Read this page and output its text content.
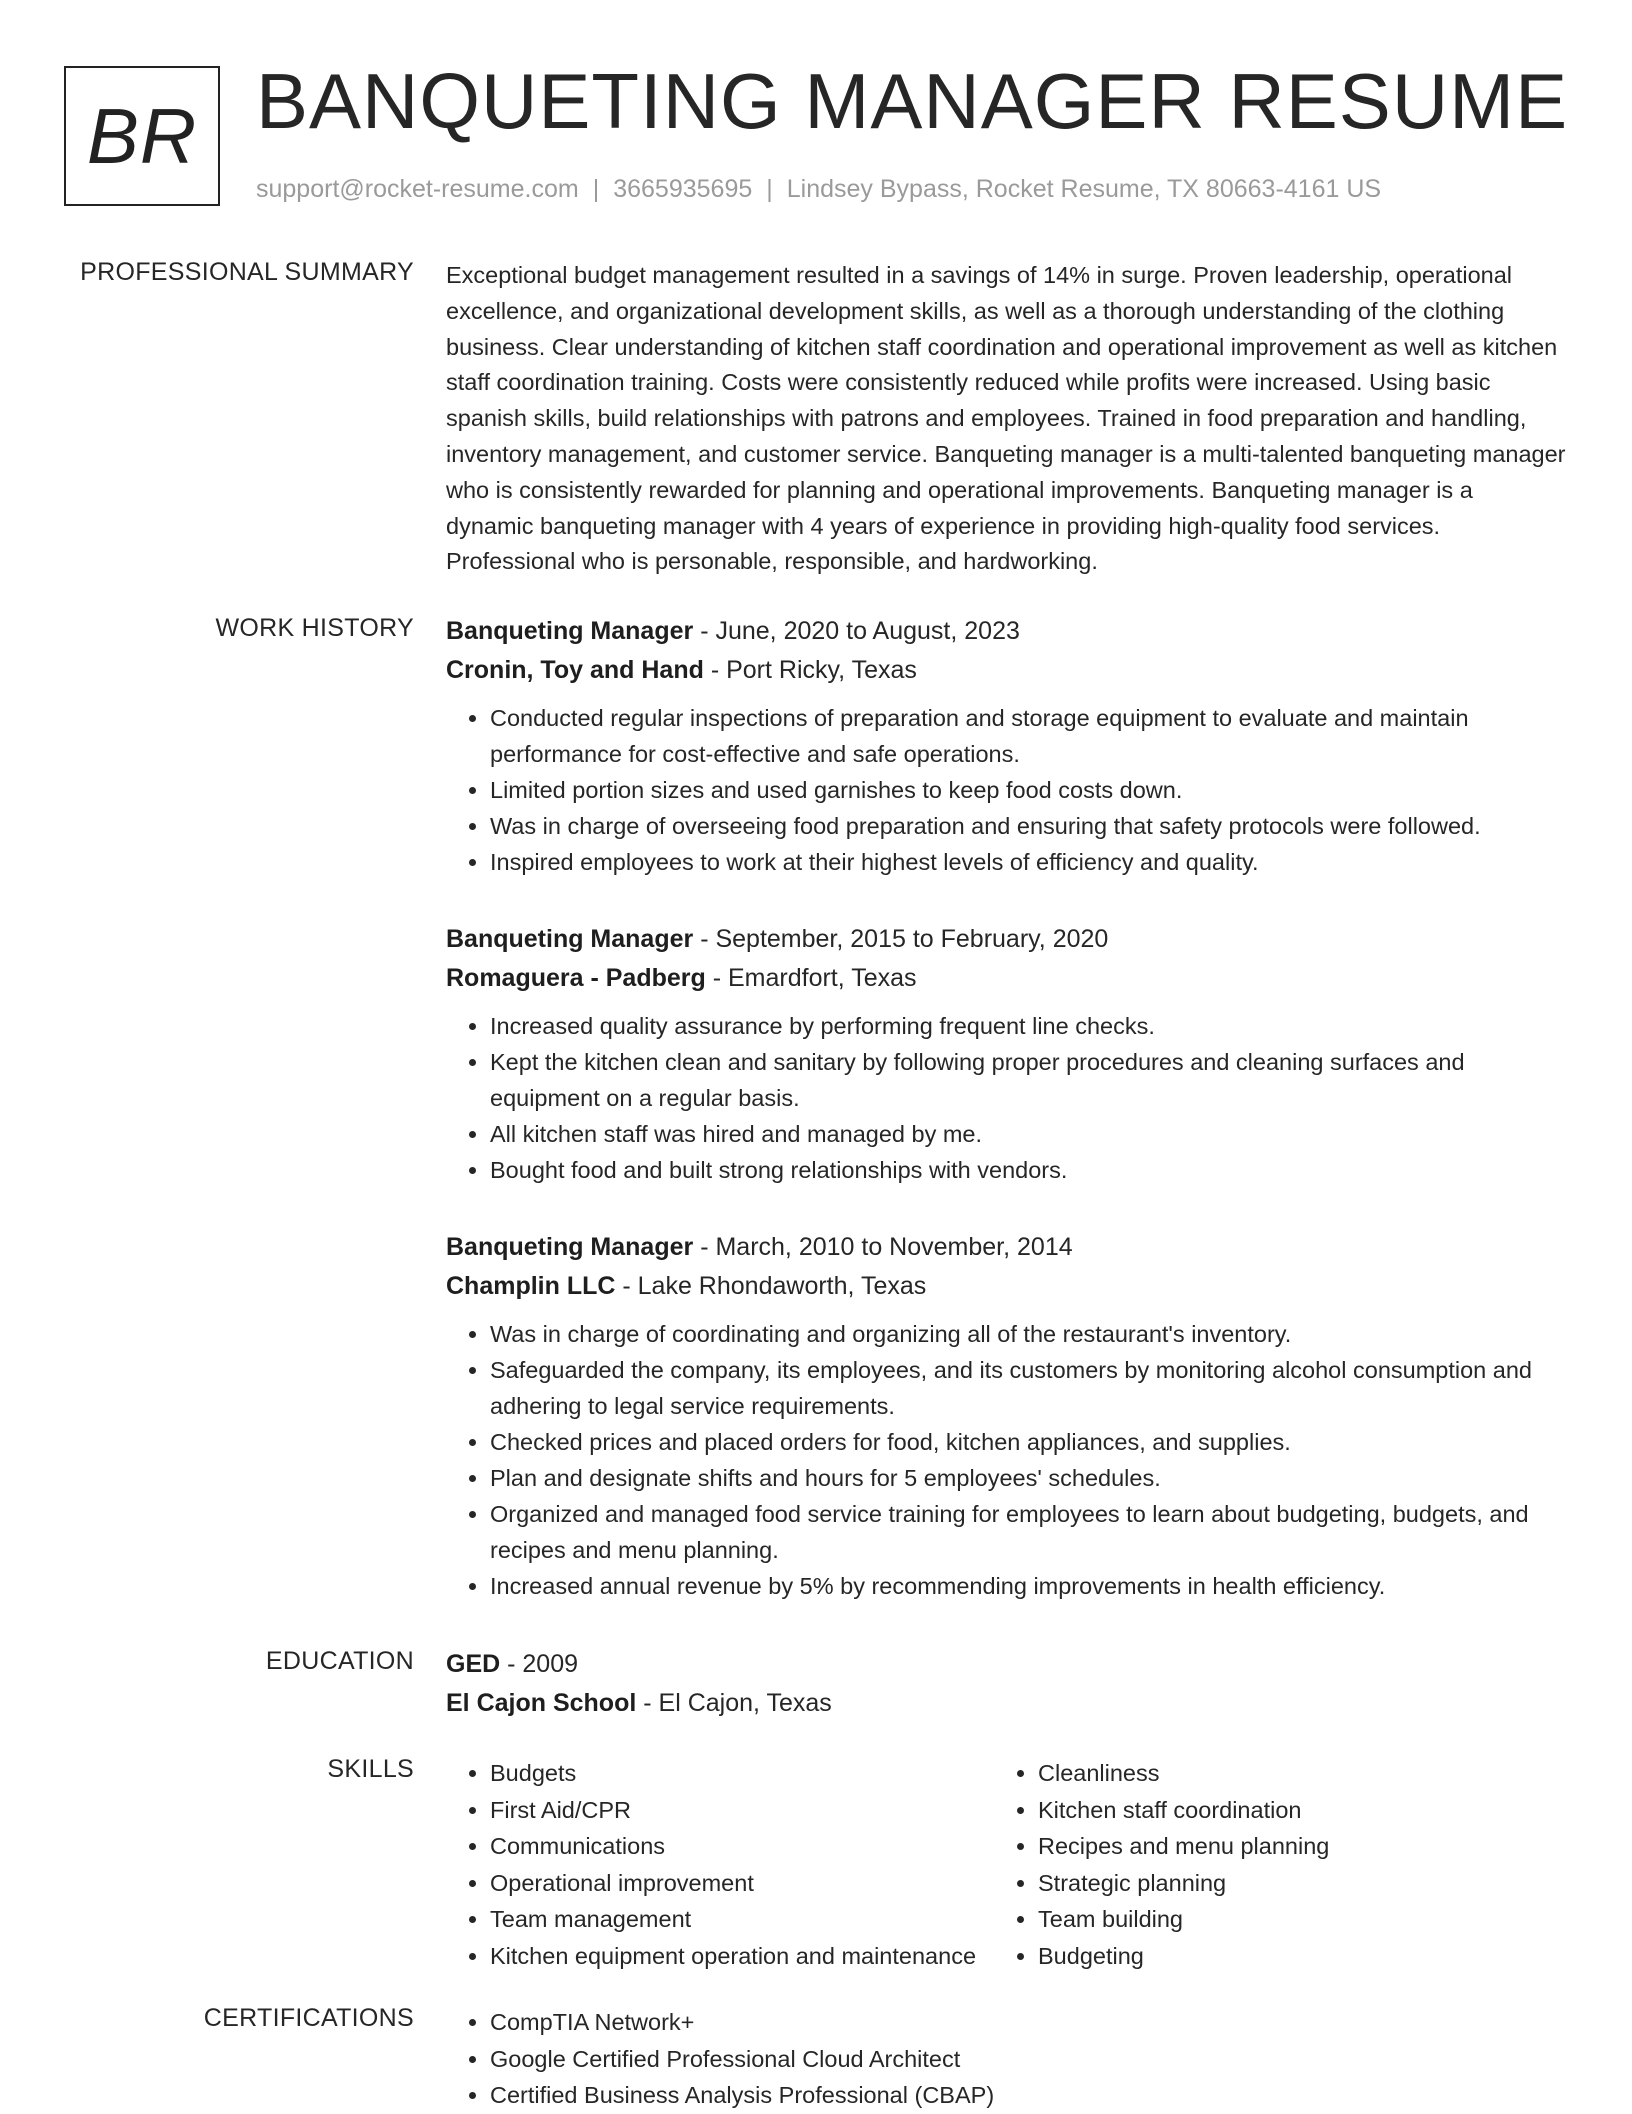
BR BANQUETING MANAGER RESUME
support@rocket-resume.com | 3665935695 | Lindsey Bypass, Rocket Resume, TX 80663-4161 US
PROFESSIONAL SUMMARY Exceptional budget management resulted in a savings of 14% in surge. Proven leadership, operational excellence, and organizational development skills, as well as a thorough understanding of the clothing business. Clear understanding of kitchen staff coordination and operational improvement as well as kitchen staff coordination training. Costs were consistently reduced while profits were increased. Using basic spanish skills, build relationships with patrons and employees. Trained in food preparation and handling, inventory management, and customer service. Banqueting manager is a multi-talented banqueting manager who is consistently rewarded for planning and operational improvements. Banqueting manager is a dynamic banqueting manager with 4 years of experience in providing high-quality food services. Professional who is personable, responsible, and hardworking.

WORK HISTORY Banqueting Manager - June, 2020 to August, 2023
Cronin, Toy and Hand - Port Ricky, Texas
• Conducted regular inspections of preparation and storage equipment to evaluate and maintain performance for cost-effective and safe operations.
• Limited portion sizes and used garnishes to keep food costs down.
• Was in charge of overseeing food preparation and ensuring that safety protocols were followed.
• Inspired employees to work at their highest levels of efficiency and quality.
Banqueting Manager - September, 2015 to February, 2020
Romaguera - Padberg - Emardfort, Texas
• Increased quality assurance by performing frequent line checks.
• Kept the kitchen clean and sanitary by following proper procedures and cleaning surfaces and equipment on a regular basis.
• All kitchen staff was hired and managed by me.
• Bought food and built strong relationships with vendors.
Banqueting Manager - March, 2010 to November, 2014
Champlin LLC - Lake Rhondaworth, Texas
• Was in charge of coordinating and organizing all of the restaurant's inventory.
• Safeguarded the company, its employees, and its customers by monitoring alcohol consumption and adhering to legal service requirements.
• Checked prices and placed orders for food, kitchen appliances, and supplies.
• Plan and designate shifts and hours for 5 employees' schedules.
• Organized and managed food service training for employees to learn about budgeting, budgets, and recipes and menu planning.
• Increased annual revenue by 5% by recommending improvements in health efficiency.
EDUCATION GED - 2009
El Cajon School - El Cajon, Texas
SKILLS	• Budgets
• First Aid/CPR
• Communications
• Operational improvement
• Team management
• Kitchen equipment operation and maintenance
• Cleanliness
• Kitchen staff coordination
• Recipes and menu planning
• Strategic planning
• Team building
• Budgeting
CERTIFICATIONS	• CompTIA Network+
• Google Certified Professional Cloud Architect
• Certified Business Analysis Professional (CBAP)
